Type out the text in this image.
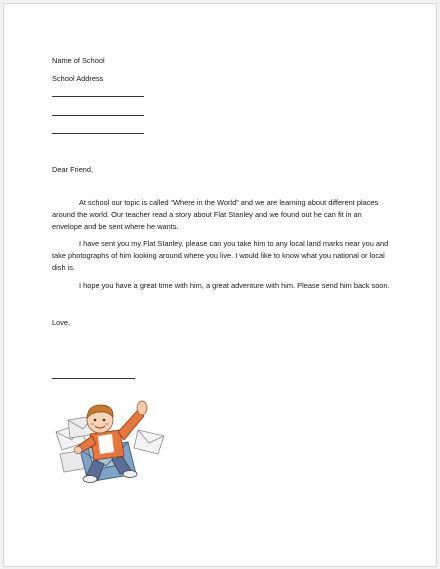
Name of School
School Address
Dear Friend,
At school our topic is called “Where in the World” and we are learning about different places around the world. Our teacher read a story about Flat Stanley and we found out he can fit in an envelope and be sent where he wants.
I have sent you my Flat Stanley, please can you take him to any local land marks near you and take photographs of him looking around where you live. I would like to know what you national or local dish is.
I hope you have a great time with him, a great adventure with him. Please send him back soon.
Love,
